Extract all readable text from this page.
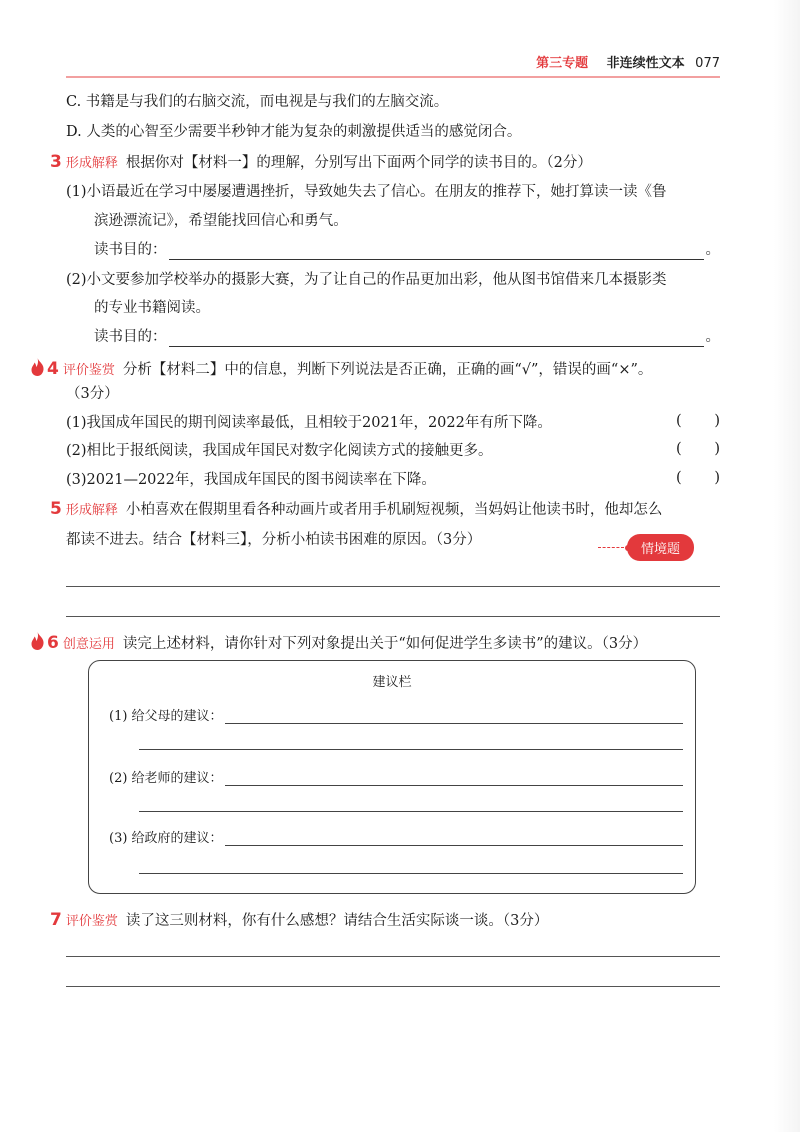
第三专题 非连续性文本 077
C. 书籍是与我们的右脑交流，而电视是与我们的左脑交流。
D. 人类的心智至少需要半秒钟才能为复杂的刺激提供适当的感觉闭合。
3 形成解释 根据你对【材料一】的理解，分别写出下面两个同学的读书目的。（2分）
(1)小语最近在学习中屡屡遭遇挫折，导致她失去了信心。在朋友的推荐下，她打算读一读《鲁
滨逊漂流记》，希望能找回信心和勇气。
读书目的：	。
(2)小文要参加学校举办的摄影大赛，为了让自己的作品更加出彩，他从图书馆借来几本摄影类
的专业书籍阅读。
读书目的：	。
4 评价鉴赏 分析【材料二】中的信息，判断下列说法是否正确，正确的画“√”，错误的画“×”。
（3分）
(1)我国成年国民的期刊阅读率最低，且相较于2021年，2022年有所下降。	( )
(2)相比于报纸阅读，我国成年国民对数字化阅读方式的接触更多。	( )
(3)2021—2022年，我国成年国民的图书阅读率在下降。	( )
5 形成解释 小柏喜欢在假期里看各种动画片或者用手机刷短视频，当妈妈让他读书时，他却怎么
都读不进去。结合【材料三】，分析小柏读书困难的原因。（3分）
情境题
6 创意运用 读完上述材料，请你针对下列对象提出关于“如何促进学生多读书”的建议。（3分）
建议栏
(1) 给父母的建议：
(2) 给老师的建议：
(3) 给政府的建议：
7 评价鉴赏 读了这三则材料，你有什么感想？请结合生活实际谈一谈。（3分）
